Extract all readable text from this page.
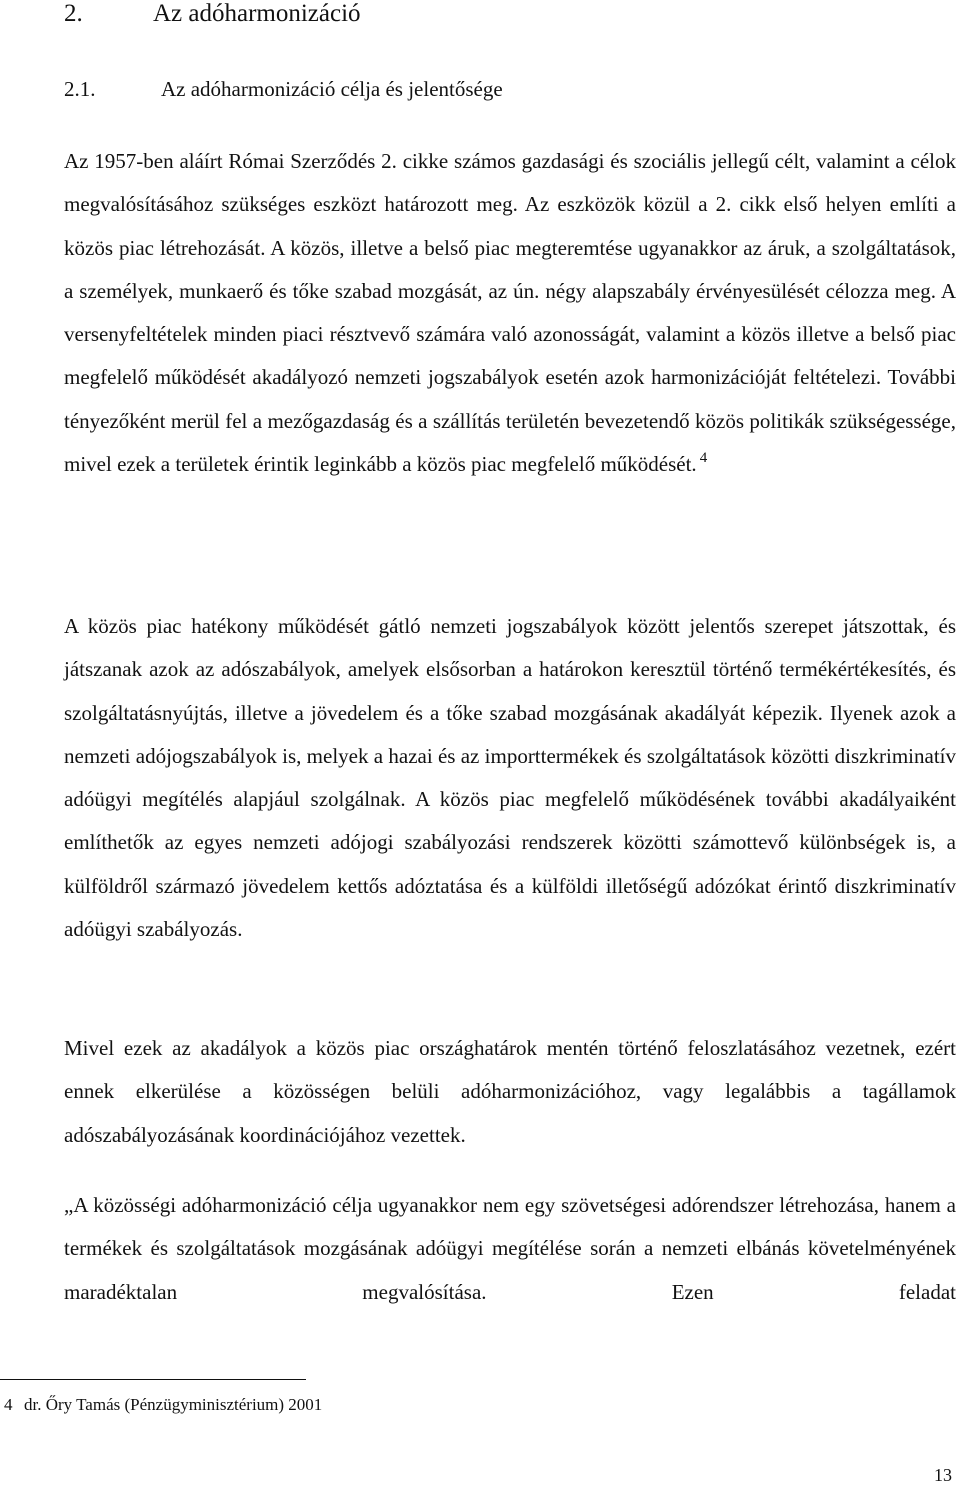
2.	Az adóharmonizáció
2.1.	Az adóharmonizáció célja és jelentősége

Az 1957-ben aláírt Római Szerződés 2. cikke számos gazdasági és szociális jellegű célt, valamint a célok megvalósításához szükséges eszközt határozott meg. Az eszközök közül a 2. cikk első helyen említi a közös piac létrehozását. A közös, illetve a belső piac megteremtése ugyanakkor az áruk, a szolgáltatások, a személyek, munkaerő és tőke szabad mozgását, az ún. négy alapszabály érvényesülését célozza meg. A versenyfeltételek minden piaci résztvevő számára való azonosságát, valamint a közös illetve a belső piac megfelelő működését akadályozó nemzeti jogszabályok esetén azok harmonizációját feltételezi. További tényezőként merül fel a mezőgazdaság és a szállítás területén bevezetendő közös politikák szükségessége, mivel ezek a területek érintik leginkább a közös piac megfelelő működését. $^4$

A közös piac hatékony működését gátló nemzeti jogszabályok között jelentős szerepet játszottak, és játszanak azok az adószabályok, amelyek elsősorban a határokon keresztül történő termékértékesítés, és szolgáltatásnyújtás, illetve a jövedelem és a tőke szabad mozgásának akadályát képezik. Ilyenek azok a nemzeti adójogszabályok is, melyek a hazai és az importtermékek és szolgáltatások közötti diszkriminatív adóügyi megítélés alapjául szolgálnak. A közös piac megfelelő működésének további akadályaiként említhetők az egyes nemzeti adójogi szabályozási rendszerek közötti számottevő különbségek is, a külföldről származó jövedelem kettős adóztatása és a külföldi illetőségű adózókat érintő diszkriminatív adóügyi szabályozás.

Mivel ezek az akadályok a közös piac országhatárok mentén történő feloszlatásához vezetnek, ezért ennek elkerülése a közösségen belüli adóharmonizációhoz, vagy legalábbis a tagállamok adószabályozásának koordinációjához vezettek.

„A közösségi adóharmonizáció célja ugyanakkor nem egy szövetségesi adórendszer létrehozása, hanem a termékek és szolgáltatások mozgásának adóügyi megítélése során a nemzeti elbánás követelményének maradéktalan megvalósítása. Ezen feladat

4 dr. Őry Tamás (Pénzügyminisztérium) 2001

13
